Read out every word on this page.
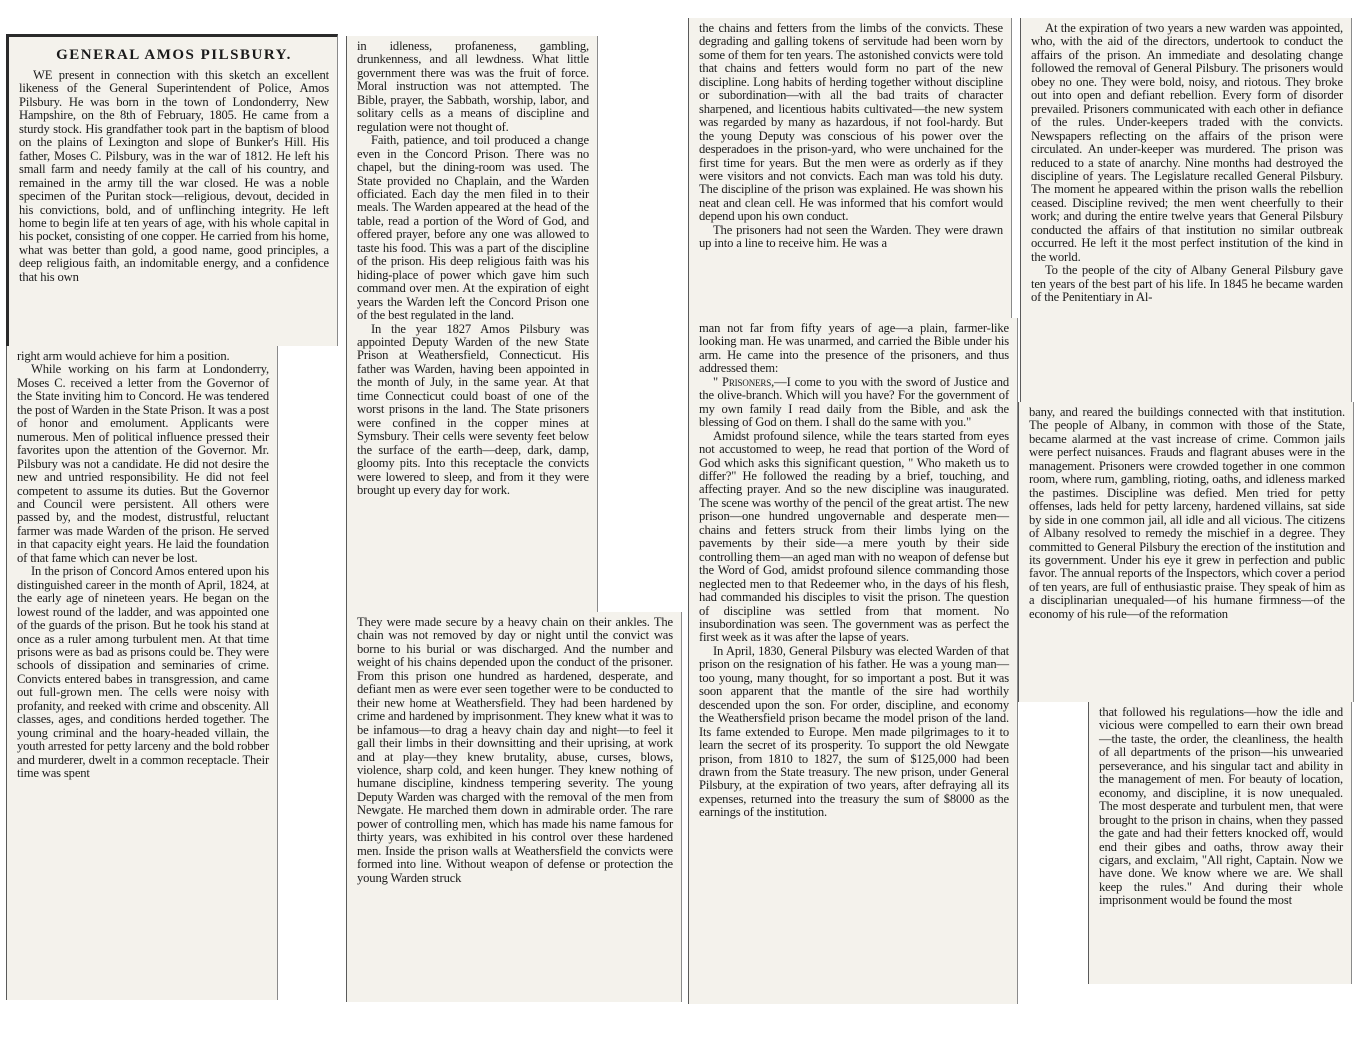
GENERAL AMOS PILSBURY.

WE present in connection with this sketch an excellent likeness of the General Superintendent of Police, Amos Pilsbury. He was born in the town of Londonderry, New Hampshire, on the 8th of February, 1805. He came from a sturdy stock. His grandfather took part in the baptism of blood on the plains of Lexington and slope of Bunker's Hill. His father, Moses C. Pilsbury, was in the war of 1812. He left his small farm and needy family at the call of his country, and remained in the army till the war closed. He was a noble specimen of the Puritan stock—religious, devout, decided in his convictions, bold, and of unflinching integrity. He left home to begin life at ten years of age, with his whole capital in his pocket, consisting of one copper. He carried from his home, what was better than gold, a good name, good principles, a deep religious faith, an indomitable energy, and a confidence that his own

right arm would achieve for him a position.

While working on his farm at Londonderry, Moses C. received a letter from the Governor of the State inviting him to Concord. He was tendered the post of Warden in the State Prison. It was a post of honor and emolument. Applicants were numerous. Men of political influence pressed their favorites upon the attention of the Governor. Mr. Pilsbury was not a candidate. He did not desire the new and untried responsibility. He did not feel competent to assume its duties. But the Governor and Council were persistent. All others were passed by, and the modest, distrustful, reluctant farmer was made Warden of the prison. He served in that capacity eight years. He laid the foundation of that fame which can never be lost.

In the prison of Concord Amos entered upon his distinguished career in the month of April, 1824, at the early age of nineteen years. He began on the lowest round of the ladder, and was appointed one of the guards of the prison. But he took his stand at once as a ruler among turbulent men. At that time prisons were as bad as prisons could be. They were schools of dissipation and seminaries of crime. Convicts entered babes in transgression, and came out full-grown men. The cells were noisy with profanity, and reeked with crime and obscenity. All classes, ages, and conditions herded together. The young criminal and the hoary-headed villain, the youth arrested for petty larceny and the bold robber and murderer, dwelt in a common receptacle. Their time was spent

in idleness, profaneness, gambling, drunkenness, and all lewdness. What little government there was was the fruit of force. Moral instruction was not attempted. The Bible, prayer, the Sabbath, worship, labor, and solitary cells as a means of discipline and regulation were not thought of.

Faith, patience, and toil produced a change even in the Concord Prison. There was no chapel, but the dining-room was used. The State provided no Chaplain, and the Warden officiated. Each day the men filed in to their meals. The Warden appeared at the head of the table, read a portion of the Word of God, and offered prayer, before any one was allowed to taste his food. This was a part of the discipline of the prison. His deep religious faith was his hiding-place of power which gave him such command over men. At the expiration of eight years the Warden left the Concord Prison one of the best regulated in the land.

In the year 1827 Amos Pilsbury was appointed Deputy Warden of the new State Prison at Weathersfield, Connecticut. His father was Warden, having been appointed in the month of July, in the same year. At that time Connecticut could boast of one of the worst prisons in the land. The State prisoners were confined in the copper mines at Symsbury. Their cells were seventy feet below the surface of the earth—deep, dark, damp, gloomy pits. Into this receptacle the convicts were lowered to sleep, and from it they were brought up every day for work.

They were made secure by a heavy chain on their ankles. The chain was not removed by day or night until the convict was borne to his burial or was discharged. And the number and weight of his chains depended upon the conduct of the prisoner. From this prison one hundred as hardened, desperate, and defiant men as were ever seen together were to be conducted to their new home at Weathersfield. They had been hardened by crime and hardened by imprisonment. They knew what it was to be infamous—to drag a heavy chain day and night—to feel it gall their limbs in their downsitting and their uprising, at work and at play—they knew brutality, abuse, curses, blows, violence, sharp cold, and keen hunger. They knew nothing of humane discipline, kindness tempering severity. The young Deputy Warden was charged with the removal of the men from Newgate. He marched them down in admirable order. The rare power of controlling men, which has made his name famous for thirty years, was exhibited in his control over these hardened men. Inside the prison walls at Weathersfield the convicts were formed into line. Without weapon of defense or protection the young Warden struck

the chains and fetters from the limbs of the convicts. These degrading and galling tokens of servitude had been worn by some of them for ten years. The astonished convicts were told that chains and fetters would form no part of the new discipline. Long habits of herding together without discipline or subordination—with all the bad traits of character sharpened, and licentious habits cultivated—the new system was regarded by many as hazardous, if not fool-hardy. But the young Deputy was conscious of his power over the desperadoes in the prison-yard, who were unchained for the first time for years. But the men were as orderly as if they were visitors and not convicts. Each man was told his duty. The discipline of the prison was explained. He was shown his neat and clean cell. He was informed that his comfort would depend upon his own conduct.

The prisoners had not seen the Warden. They were drawn up into a line to receive him. He was a

man not far from fifty years of age—a plain, farmer-like looking man. He was unarmed, and carried the Bible under his arm. He came into the presence of the prisoners, and thus addressed them:

" Prisoners,—I come to you with the sword of Justice and the olive-branch. Which will you have? For the government of my own family I read daily from the Bible, and ask the blessing of God on them. I shall do the same with you."

Amidst profound silence, while the tears started from eyes not accustomed to weep, he read that portion of the Word of God which asks this significant question, " Who maketh us to differ?" He followed the reading by a brief, touching, and affecting prayer. And so the new discipline was inaugurated. The scene was worthy of the pencil of the great artist. The new prison—one hundred ungovernable and desperate men—chains and fetters struck from their limbs lying on the pavements by their side—a mere youth by their side controlling them—an aged man with no weapon of defense but the Word of God, amidst profound silence commanding those neglected men to that Redeemer who, in the days of his flesh, had commanded his disciples to visit the prison. The question of discipline was settled from that moment. No insubordination was seen. The government was as perfect the first week as it was after the lapse of years.

In April, 1830, General Pilsbury was elected Warden of that prison on the resignation of his father. He was a young man—too young, many thought, for so important a post. But it was soon apparent that the mantle of the sire had worthily descended upon the son. For order, discipline, and economy the Weathersfield prison became the model prison of the land. Its fame extended to Europe. Men made pilgrimages to it to learn the secret of its prosperity. To support the old Newgate prison, from 1810 to 1827, the sum of $125,000 had been drawn from the State treasury. The new prison, under General Pilsbury, at the expiration of two years, after defraying all its expenses, returned into the treasury the sum of $8000 as the earnings of the institution.

At the expiration of two years a new warden was appointed, who, with the aid of the directors, undertook to conduct the affairs of the prison. An immediate and desolating change followed the removal of General Pilsbury. The prisoners would obey no one. They were bold, noisy, and riotous. They broke out into open and defiant rebellion. Every form of disorder prevailed. Prisoners communicated with each other in defiance of the rules. Under-keepers traded with the convicts. Newspapers reflecting on the affairs of the prison were circulated. An under-keeper was murdered. The prison was reduced to a state of anarchy. Nine months had destroyed the discipline of years. The Legislature recalled General Pilsbury. The moment he appeared within the prison walls the rebellion ceased. Discipline revived; the men went cheerfully to their work; and during the entire twelve years that General Pilsbury conducted the affairs of that institution no similar outbreak occurred. He left it the most perfect institution of the kind in the world.

To the people of the city of Albany General Pilsbury gave ten years of the best part of his life. In 1845 he became warden of the Penitentiary in Al-

bany, and reared the buildings connected with that institution. The people of Albany, in common with those of the State, became alarmed at the vast increase of crime. Common jails were perfect nuisances. Frauds and flagrant abuses were in the management. Prisoners were crowded together in one common room, where rum, gambling, rioting, oaths, and idleness marked the pastimes. Discipline was defied. Men tried for petty offenses, lads held for petty larceny, hardened villains, sat side by side in one common jail, all idle and all vicious. The citizens of Albany resolved to remedy the mischief in a degree. They committed to General Pilsbury the erection of the institution and its government. Under his eye it grew in perfection and public favor. The annual reports of the Inspectors, which cover a period of ten years, are full of enthusiastic praise. They speak of him as a disciplinarian unequaled—of his humane firmness—of the economy of his rule—of the reformation

that followed his regulations—how the idle and vicious were compelled to earn their own bread—the taste, the order, the cleanliness, the health of all departments of the prison—his unwearied perseverance, and his singular tact and ability in the management of men. For beauty of location, economy, and discipline, it is now unequaled. The most desperate and turbulent men, that were brought to the prison in chains, when they passed the gate and had their fetters knocked off, would end their gibes and oaths, throw away their cigars, and exclaim, "All right, Captain. Now we have done. We know where we are. We shall keep the rules." And during their whole imprisonment would be found the most
